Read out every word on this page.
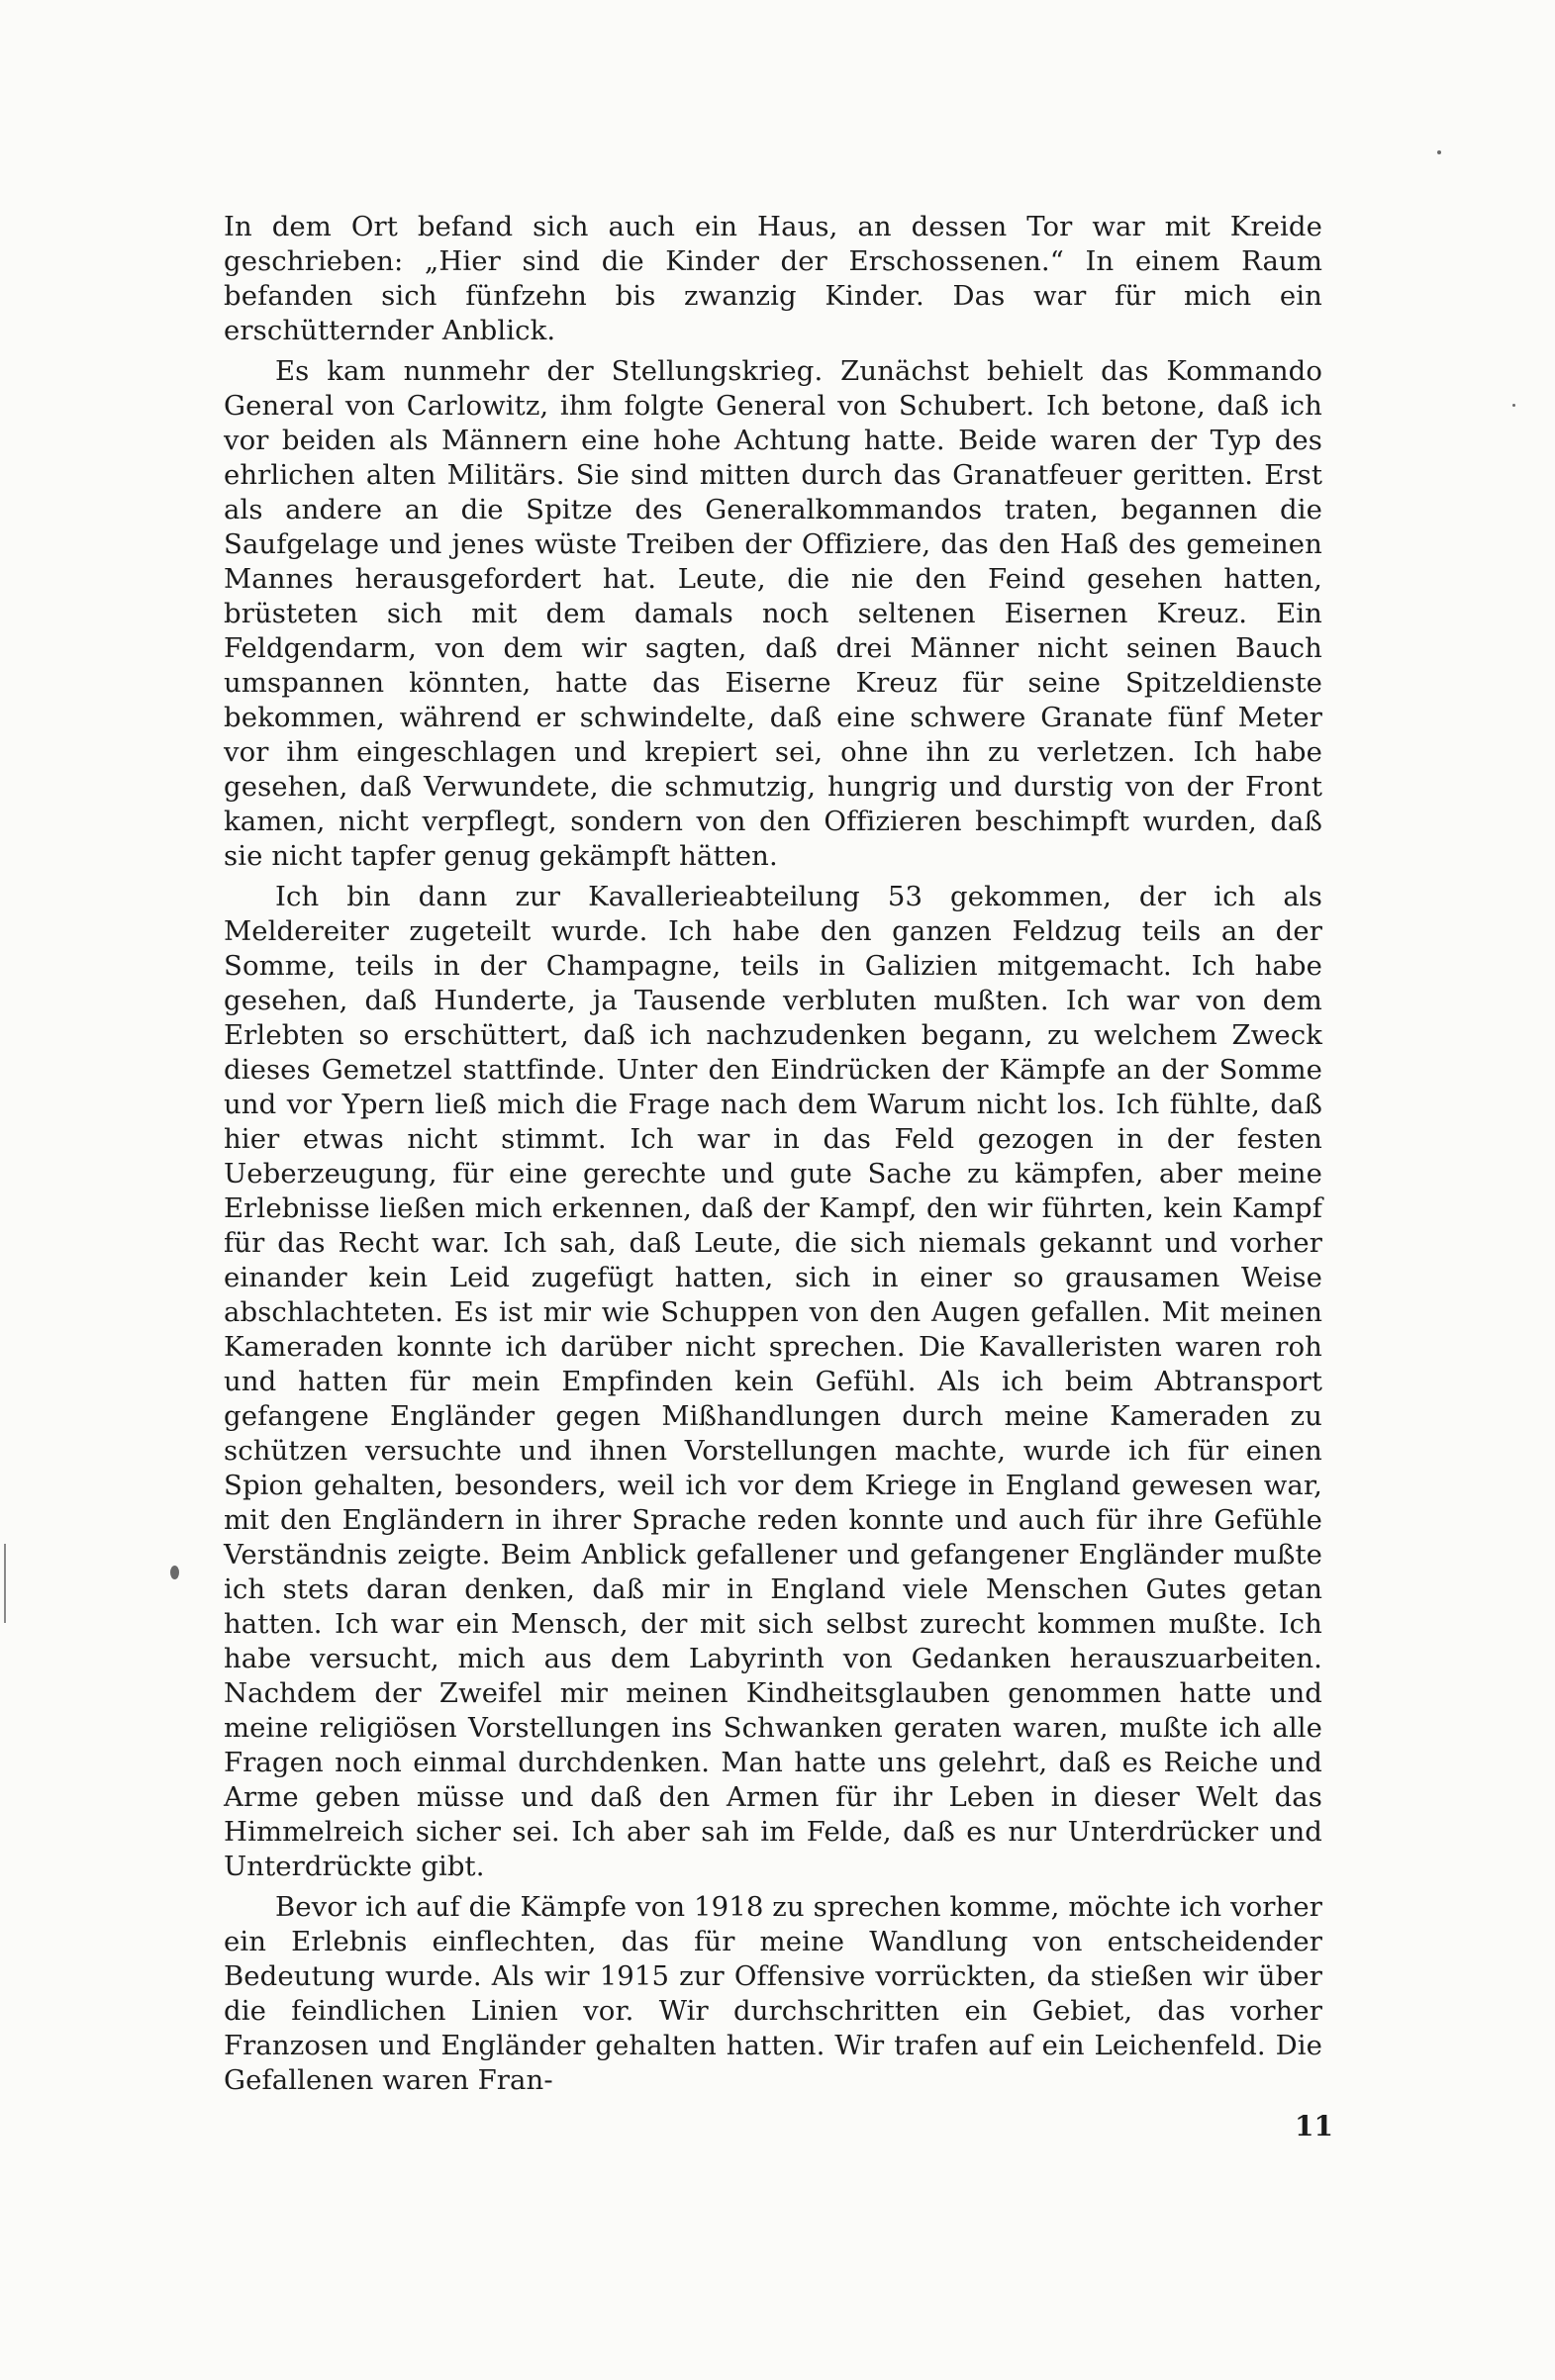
In dem Ort befand sich auch ein Haus, an dessen Tor war mit Kreide geschrieben: „Hier sind die Kinder der Erschossenen.“ In einem Raum befanden sich fünfzehn bis zwanzig Kinder. Das war für mich ein erschütternder Anblick.

Es kam nunmehr der Stellungskrieg. Zunächst behielt das Kommando General von Carlowitz, ihm folgte General von Schubert. Ich betone, daß ich vor beiden als Männern eine hohe Achtung hatte. Beide waren der Typ des ehrlichen alten Militärs. Sie sind mitten durch das Granatfeuer geritten. Erst als andere an die Spitze des Generalkommandos traten, begannen die Saufgelage und jenes wüste Treiben der Offiziere, das den Haß des gemeinen Mannes herausgefordert hat. Leute, die nie den Feind gesehen hatten, brüsteten sich mit dem damals noch seltenen Eisernen Kreuz. Ein Feldgendarm, von dem wir sagten, daß drei Männer nicht seinen Bauch umspannen könnten, hatte das Eiserne Kreuz für seine Spitzeldienste bekommen, während er schwindelte, daß eine schwere Granate fünf Meter vor ihm eingeschlagen und krepiert sei, ohne ihn zu verletzen. Ich habe gesehen, daß Verwundete, die schmutzig, hungrig und durstig von der Front kamen, nicht verpflegt, sondern von den Offizieren beschimpft wurden, daß sie nicht tapfer genug gekämpft hätten.

Ich bin dann zur Kavallerieabteilung 53 gekommen, der ich als Meldereiter zugeteilt wurde. Ich habe den ganzen Feldzug teils an der Somme, teils in der Champagne, teils in Galizien mitgemacht. Ich habe gesehen, daß Hunderte, ja Tausende verbluten mußten. Ich war von dem Erlebten so erschüttert, daß ich nachzudenken begann, zu welchem Zweck dieses Gemetzel stattfinde. Unter den Eindrücken der Kämpfe an der Somme und vor Ypern ließ mich die Frage nach dem Warum nicht los. Ich fühlte, daß hier etwas nicht stimmt. Ich war in das Feld gezogen in der festen Ueberzeugung, für eine gerechte und gute Sache zu kämpfen, aber meine Erlebnisse ließen mich erkennen, daß der Kampf, den wir führten, kein Kampf für das Recht war. Ich sah, daß Leute, die sich niemals gekannt und vorher einander kein Leid zugefügt hatten, sich in einer so grausamen Weise abschlachteten. Es ist mir wie Schuppen von den Augen gefallen. Mit meinen Kameraden konnte ich darüber nicht sprechen. Die Kavalleristen waren roh und hatten für mein Empfinden kein Gefühl. Als ich beim Abtransport gefangene Engländer gegen Mißhandlungen durch meine Kameraden zu schützen versuchte und ihnen Vorstellungen machte, wurde ich für einen Spion gehalten, besonders, weil ich vor dem Kriege in England gewesen war, mit den Engländern in ihrer Sprache reden konnte und auch für ihre Gefühle Verständnis zeigte. Beim Anblick gefallener und gefangener Engländer mußte ich stets daran denken, daß mir in England viele Menschen Gutes getan hatten. Ich war ein Mensch, der mit sich selbst zurecht kommen mußte. Ich habe versucht, mich aus dem Labyrinth von Gedanken herauszuarbeiten. Nachdem der Zweifel mir meinen Kindheitsglauben genommen hatte und meine religiösen Vorstellungen ins Schwanken geraten waren, mußte ich alle Fragen noch einmal durchdenken. Man hatte uns gelehrt, daß es Reiche und Arme geben müsse und daß den Armen für ihr Leben in dieser Welt das Himmelreich sicher sei. Ich aber sah im Felde, daß es nur Unterdrücker und Unterdrückte gibt.

Bevor ich auf die Kämpfe von 1918 zu sprechen komme, möchte ich vorher ein Erlebnis einflechten, das für meine Wandlung von entscheidender Bedeutung wurde. Als wir 1915 zur Offensive vorrückten, da stießen wir über die feindlichen Linien vor. Wir durchschritten ein Gebiet, das vorher Franzosen und Engländer gehalten hatten. Wir trafen auf ein Leichenfeld. Die Gefallenen waren Fran-

11
